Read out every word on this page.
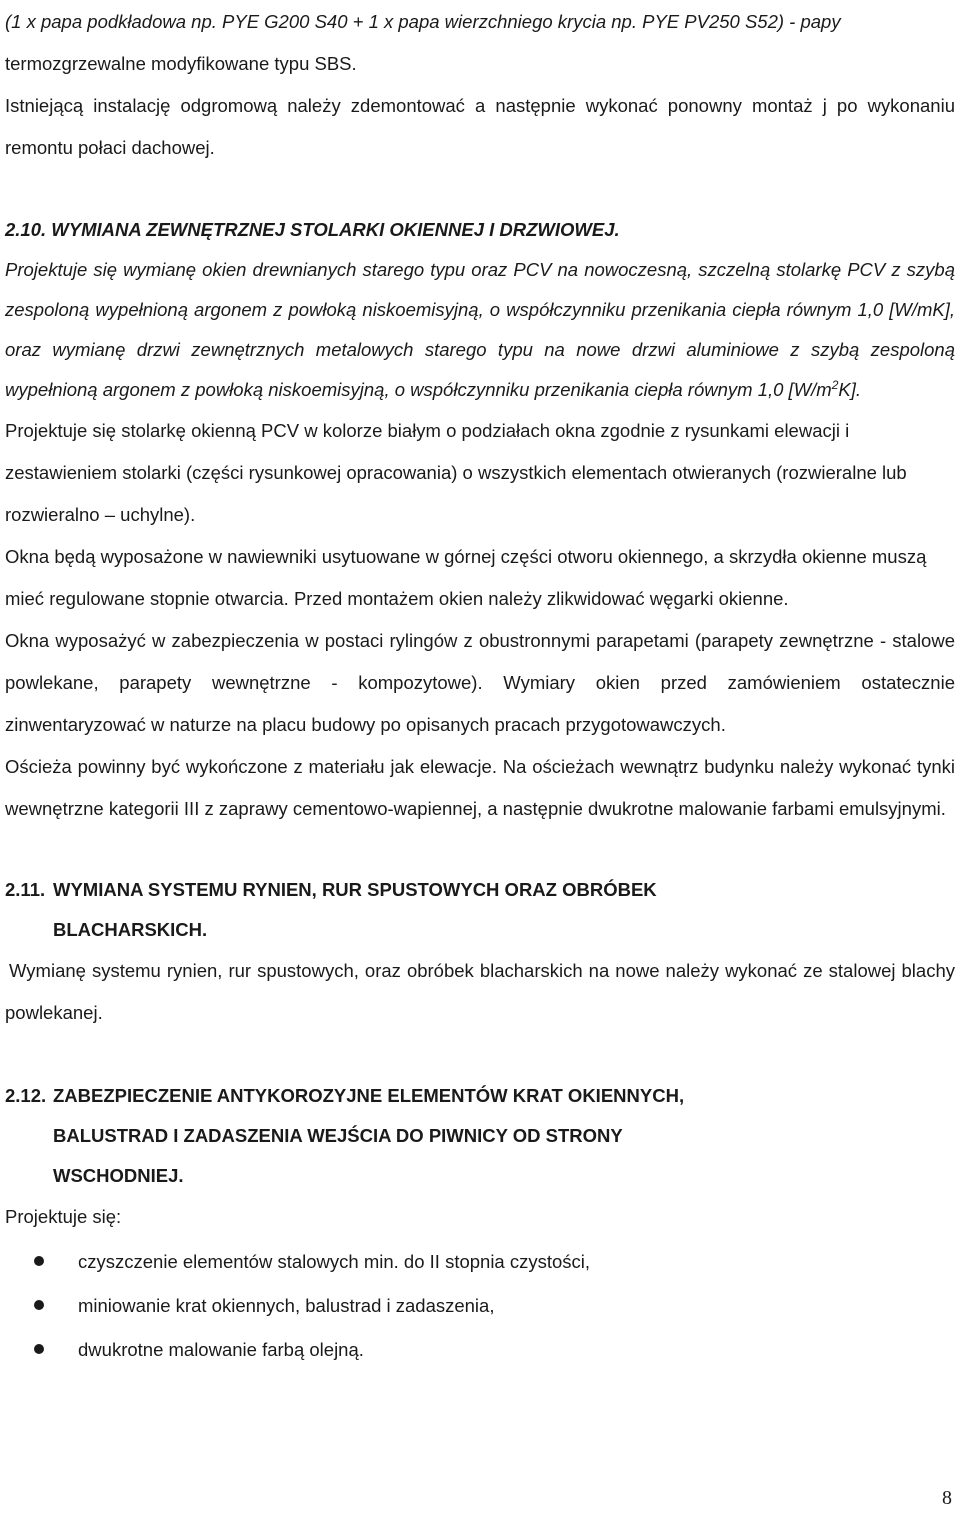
(1 x papa podkładowa np. PYE G200 S40 + 1 x papa wierzchniego krycia np. PYE PV250 S52) - papy

termozgrzewalne modyfikowane typu SBS.

Istniejącą instalację odgromową należy zdemontować a następnie wykonać ponowny montaż j po wykonaniu remontu połaci dachowej.

2.10. WYMIANA ZEWNĘTRZNEJ STOLARKI OKIENNEJ I DRZWIOWEJ.

Projektuje się wymianę okien drewnianych starego typu oraz PCV na nowoczesną, szczelną stolarkę PCV z szybą zespoloną wypełnioną argonem z powłoką niskoemisyjną, o współczynniku przenikania ciepła równym 1,0 [W/mK], oraz wymianę drzwi zewnętrznych metalowych starego typu na nowe drzwi aluminiowe z szybą zespoloną wypełnioną argonem z powłoką niskoemisyjną, o współczynniku przenikania ciepła równym 1,0 $[W/m^2K]$.

Projektuje się stolarkę okienną PCV w kolorze białym o podziałach okna zgodnie z rysunkami elewacji i zestawieniem stolarki (części rysunkowej opracowania) o wszystkich elementach otwieranych (rozwieralne lub rozwieralno – uchylne).

Okna będą wyposażone w nawiewniki usytuowane w górnej części otworu okiennego, a skrzydła okienne muszą mieć regulowane stopnie otwarcia. Przed montażem okien należy zlikwidować węgarki okienne.

Okna wyposażyć w zabezpieczenia w postaci rylingów z obustronnymi parapetami (parapety zewnętrzne - stalowe powlekane, parapety wewnętrzne - kompozytowe). Wymiary okien przed zamówieniem ostatecznie zinwentaryzować w naturze na placu budowy po opisanych pracach przygotowawczych.

Ościeża powinny być wykończone z materiału jak elewacje. Na ościeżach wewnątrz budynku należy wykonać tynki wewnętrzne kategorii III z zaprawy cementowo-wapiennej, a następnie dwukrotne malowanie farbami emulsyjnymi.

2.11. WYMIANA SYSTEMU RYNIEN, RUR SPUSTOWYCH ORAZ OBRÓBEK

BLACHARSKICH.

Wymianę systemu rynien, rur spustowych, oraz obróbek blacharskich na nowe należy wykonać ze stalowej blachy powlekanej.

2.12. ZABEZPIECZENIE ANTYKOROZYJNE ELEMENTÓW KRAT OKIENNYCH,

BALUSTRAD I ZADASZENIA WEJŚCIA DO PIWNICY OD STRONY

WSCHODNIEJ.

Projektuje się:

czyszczenie elementów stalowych min. do II stopnia czystości,
miniowanie krat okiennych, balustrad i zadaszenia,
dwukrotne malowanie farbą olejną.
8
